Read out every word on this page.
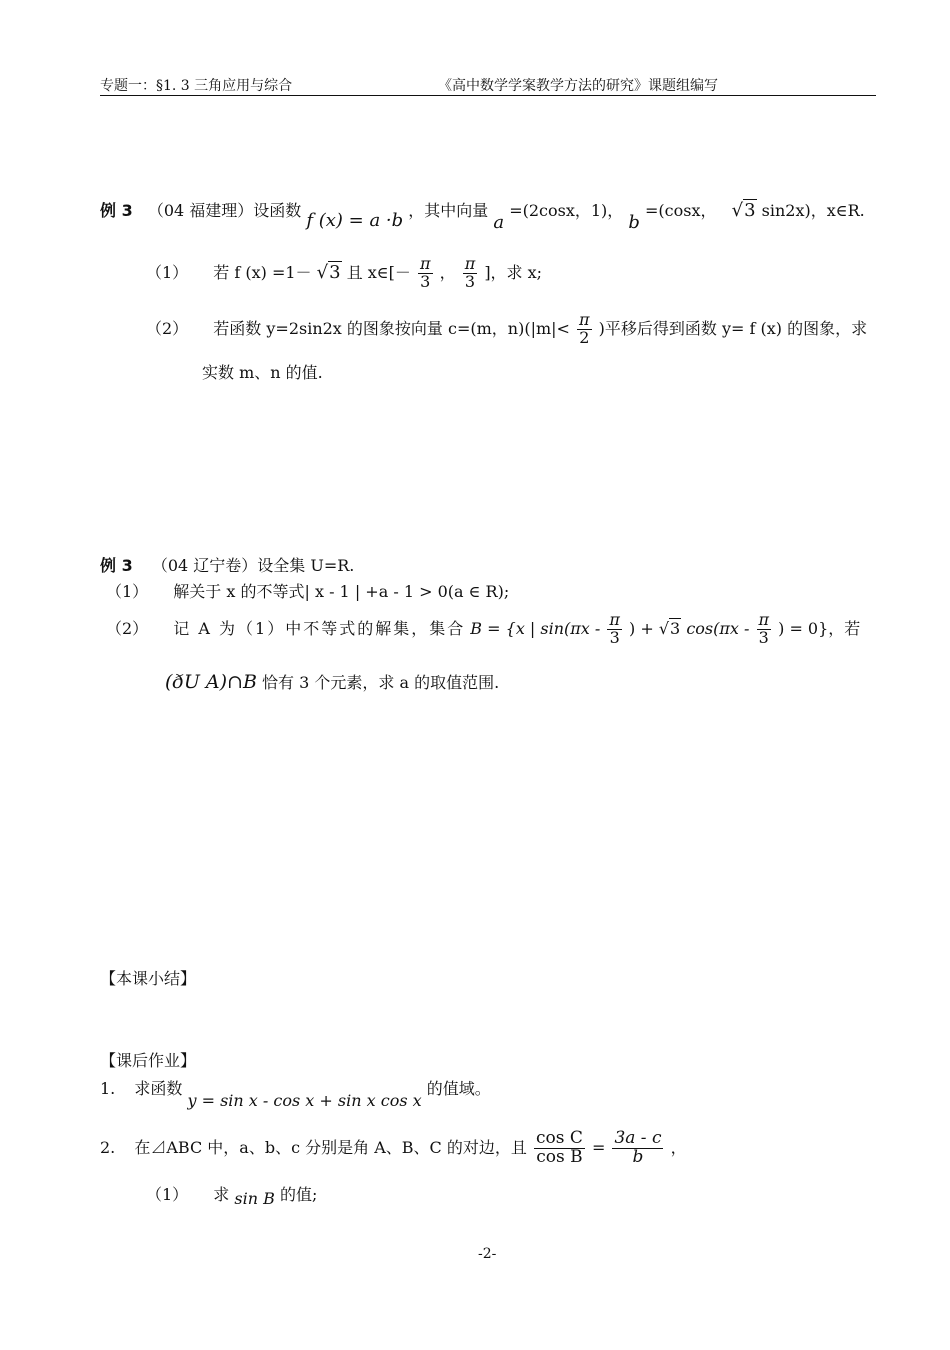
专题一：§1. 3 三角应用与综合	《高中数学学案教学方法的研究》课题组编写
例 3 （04 福建理）设函数 f (x) = a ·b ，其中向量 a =(2cosx，1)， b =(cosx， √3 sin2x)，x∈R.
（1） 若 f (x) =1－ √3 且 x∈[－ $\frac{\pi}{3}$ ， $\frac{\pi}{3}$ ]，求 x;
（2） 若函数 y=2sin2x 的图象按向量 c=(m，$n)(|m|< \frac{\pi}{2}$ )平移后得到函数 y= f (x) 的图象，求
实数 m、n 的值.
例 3 （04 辽宁卷）设全集 U=R.
（1） 解关于 x 的不等式| x - 1 | +a - 1 > 0(a ∈ R);
（2） 记 A 为（1）中不等式的解集，集合 B = {x | $\sin(\pi x - \frac{\pi}{3}$ ) + √3 $\cos(\pi x - \frac{\pi}{3}$ ) = 0}，若
(ðU A)∩B 恰有 3 个元素，求 a 的取值范围.
【本课小结】
【课后作业】
1. 求函数 y = sin x - cos x + sin x cos x 的值域。
2. 在⊿ABC 中，a、b、c 分别是角 A、B、C 的对边，且 $\frac{\text{cos C}}{\text{cos B}} = \frac{3a - c}{b}$ ，
（1） 求 sin B 的值;
-2-
